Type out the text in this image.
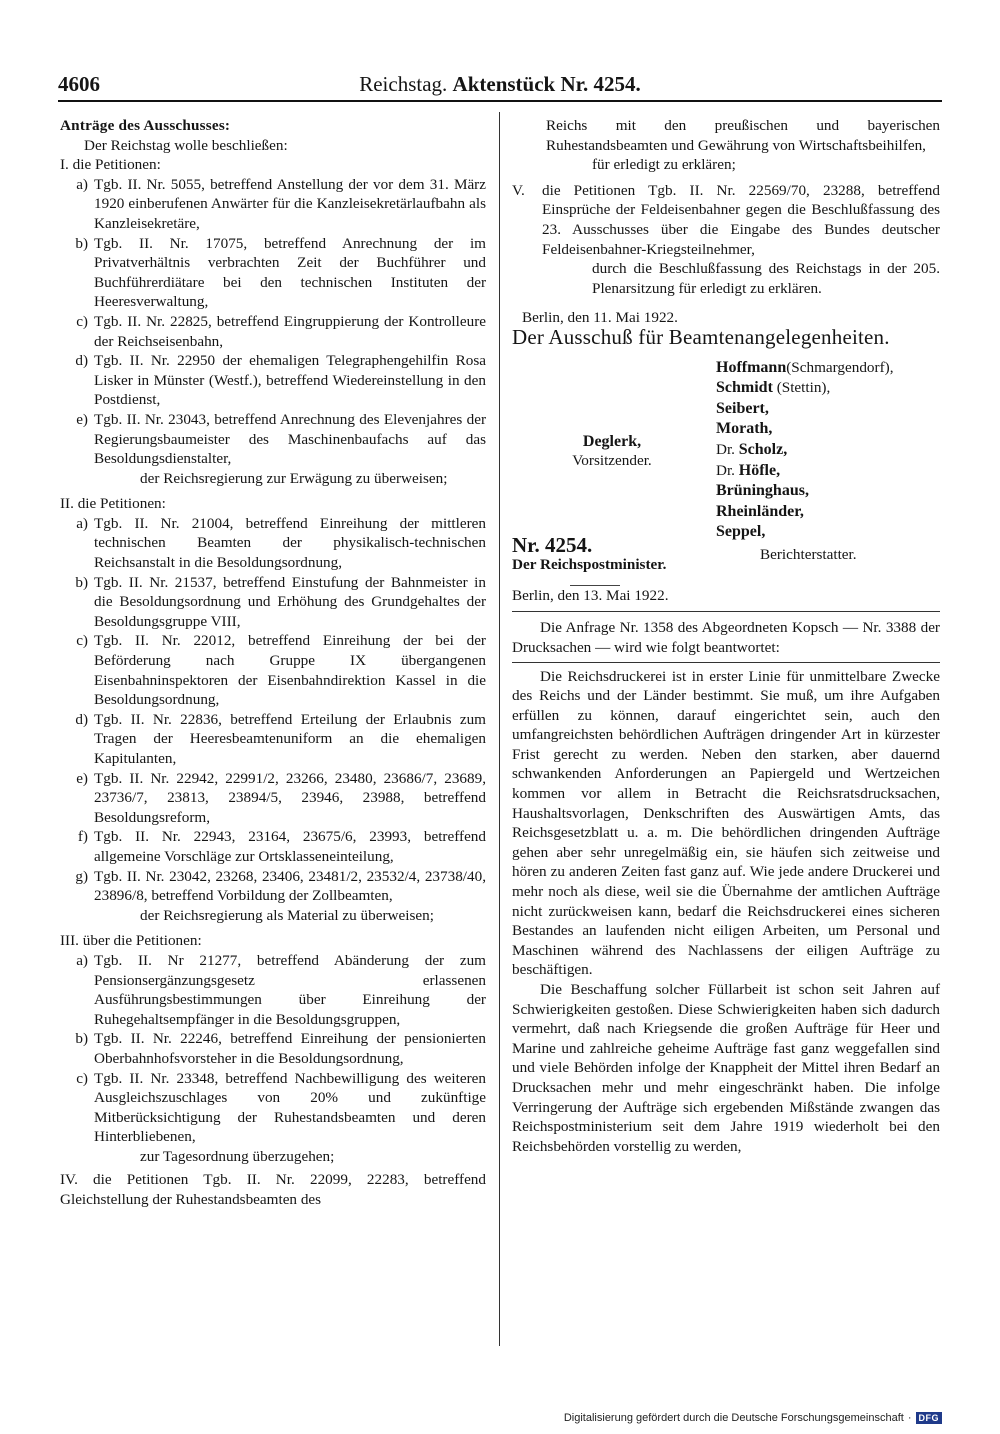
4606	Reichstag. Aktenstück Nr. 4254.

Anträge des Ausschusses:

Der Reichstag wolle beschließen:

I. die Petitionen:

a) Tgb. II. Nr. 5055, betreffend Anstellung der vor dem 31. März 1920 einberufenen Anwärter für die Kanzleisekretärlaufbahn als Kanzleisekretäre,
b) Tgb. II. Nr. 17075, betreffend Anrechnung der im Privatverhältnis verbrachten Zeit der Buchführer und Buchführerdiätare bei den technischen Instituten der Heeresverwaltung,
c) Tgb. II. Nr. 22825, betreffend Eingruppierung der Kontrolleure der Reichseisenbahn,
d) Tgb. II. Nr. 22950 der ehemaligen Telegraphengehilfin Rosa Lisker in Münster (Westf.), betreffend Wiedereinstellung in den Postdienst,
e) Tgb. II. Nr. 23043, betreffend Anrechnung des Elevenjahres der Regierungsbaumeister des Maschinenbaufachs auf das Besoldungsdienstalter,

der Reichsregierung zur Erwägung zu überweisen;

II. die Petitionen:

a) Tgb. II. Nr. 21004, betreffend Einreihung der mittleren technischen Beamten der physikalisch-technischen Reichsanstalt in die Besoldungsordnung,
b) Tgb. II. Nr. 21537, betreffend Einstufung der Bahnmeister in die Besoldungsordnung und Erhöhung des Grundgehaltes der Besoldungsgruppe VIII,
c) Tgb. II. Nr. 22012, betreffend Einreihung der bei der Beförderung nach Gruppe IX übergangenen Eisenbahninspektoren der Eisenbahndirektion Kassel in die Besoldungsordnung,
d) Tgb. II. Nr. 22836, betreffend Erteilung der Erlaubnis zum Tragen der Heeresbeamtenuniform an die ehemaligen Kapitulanten,
e) Tgb. II. Nr. 22942, 22991/2, 23266, 23480, 23686/7, 23689, 23736/7, 23813, 23894/5, 23946, 23988, betreffend Besoldungsreform,
f) Tgb. II. Nr. 22943, 23164, 23675/6, 23993, betreffend allgemeine Vorschläge zur Ortsklasseneinteilung,
g) Tgb. II. Nr. 23042, 23268, 23406, 23481/2, 23532/4, 23738/40, 23896/8, betreffend Vorbildung der Zollbeamten,

der Reichsregierung als Material zu überweisen;

III. über die Petitionen:

a) Tgb. II. Nr 21277, betreffend Abänderung der zum Pensionsergänzungsgesetz erlassenen Ausführungsbestimmungen über Einreihung der Ruhegehaltsempfänger in die Besoldungsgruppen,
b) Tgb. II. Nr. 22246, betreffend Einreihung der pensionierten Oberbahnhofsvorsteher in die Besoldungsordnung,
c) Tgb. II. Nr. 23348, betreffend Nachbewilligung des weiteren Ausgleichszuschlages von 20% und zukünftige Mitberücksichtigung der Ruhestandsbeamten und deren Hinterbliebenen,

zur Tagesordnung überzugehen;

IV. die Petitionen Tgb. II. Nr. 22099, 22283, betreffend Gleichstellung der Ruhestandsbeamten des

Reichs mit den preußischen und bayerischen Ruhestandsbeamten und Gewährung von Wirtschaftsbeihilfen,

für erledigt zu erklären;

V.	die Petitionen Tgb. II. Nr. 22569/70, 23288, betreffend Einsprüche der Feldeisenbahner gegen die Beschlußfassung des 23. Ausschusses über die Eingabe des Bundes deutscher Feldeisenbahner-Kriegsteilnehmer,

durch die Beschlußfassung des Reichstags in der 205. Plenarsitzung für erledigt zu erklären.

Berlin, den 11. Mai 1922.

Der Ausschuß für Beamtenangelegenheiten.

Deglerk,
Vorsitzender.
Hoffmann(Schmargendorf),
Schmidt (Stettin),
Seibert,
Morath,
Dr. Scholz,
Dr. Höfle,
Brüninghaus,
Rheinländer,
Seppel,
Berichterstatter.

Nr. 4254.

Der Reichspostminister.

Berlin, den 13. Mai 1922.

Die Anfrage Nr. 1358 des Abgeordneten Kopsch — Nr. 3388 der Drucksachen — wird wie folgt beantwortet:

Die Reichsdruckerei ist in erster Linie für unmittelbare Zwecke des Reichs und der Länder bestimmt. Sie muß, um ihre Aufgaben erfüllen zu können, darauf eingerichtet sein, auch den umfangreichsten behördlichen Aufträgen dringender Art in kürzester Frist gerecht zu werden. Neben den starken, aber dauernd schwankenden Anforderungen an Papiergeld und Wertzeichen kommen vor allem in Betracht die Reichsratsdrucksachen, Haushaltsvorlagen, Denkschriften des Auswärtigen Amts, das Reichsgesetzblatt u. a. m. Die behördlichen dringenden Aufträge gehen aber sehr unregelmäßig ein, sie häufen sich zeitweise und hören zu anderen Zeiten fast ganz auf. Wie jede andere Druckerei und mehr noch als diese, weil sie die Übernahme der amtlichen Aufträge nicht zurückweisen kann, bedarf die Reichsdruckerei eines sicheren Bestandes an laufenden nicht eiligen Arbeiten, um Personal und Maschinen während des Nachlassens der eiligen Aufträge zu beschäftigen.

Die Beschaffung solcher Füllarbeit ist schon seit Jahren auf Schwierigkeiten gestoßen. Diese Schwierigkeiten haben sich dadurch vermehrt, daß nach Kriegsende die großen Aufträge für Heer und Marine und zahlreiche geheime Aufträge fast ganz weggefallen sind und viele Behörden infolge der Knappheit der Mittel ihren Bedarf an Drucksachen mehr und mehr eingeschränkt haben. Die infolge Verringerung der Aufträge sich ergebenden Mißstände zwangen das Reichspostministerium seit dem Jahre 1919 wiederholt bei den Reichsbehörden vorstellig zu werden,

Digitalisierung gefördert durch die Deutsche Forschungsgemeinschaft · DFG
